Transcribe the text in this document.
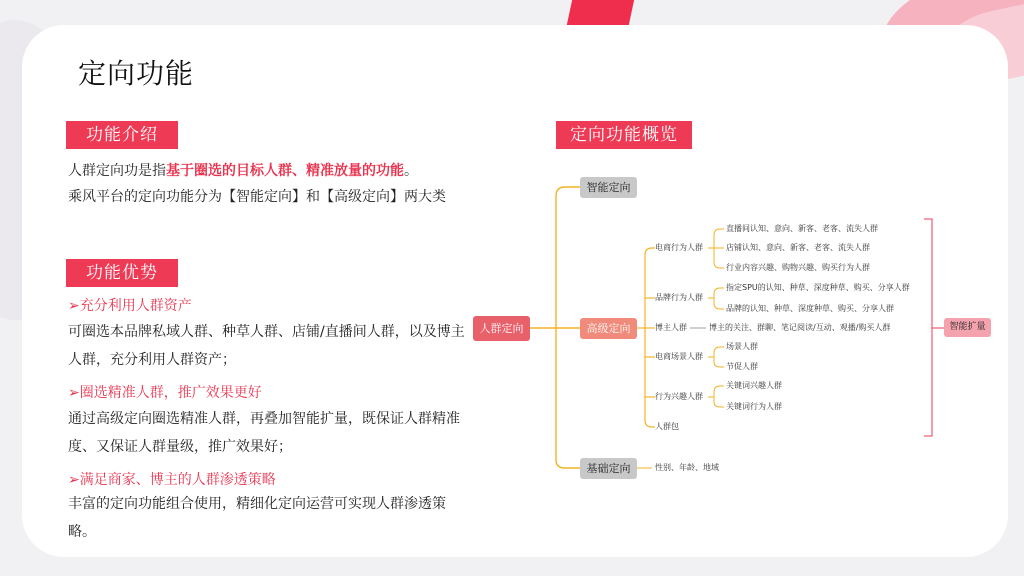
定向功能
功能介绍
人群定向功是指基于圈选的目标人群、精准放量的功能。
乘风平台的定向功能分为【智能定向】和【高级定向】两大类
功能优势
➢充分利用人群资产
可圈选本品牌私域人群、种草人群、店铺/直播间人群，以及博主人群，充分利用人群资产；
➢圈选精准人群，推广效果更好
通过高级定向圈选精准人群，再叠加智能扩量，既保证人群精准度、又保证人群量级，推广效果好；
➢满足商家、博主的人群渗透策略
丰富的定向功能组合使用，精细化定向运营可实现人群渗透策略。
定向功能概览
人群定向
智能定向
高级定向
基础定向
智能扩量
电商行为人群
品牌行为人群
博主人群
电商场景人群
行为兴趣人群
人群包
直播间认知、意向、新客、老客、流失人群
店铺认知、意向、新客、老客、流失人群
行业内容兴趣、购物兴趣、购买行为人群
指定SPU的认知、种草、深度种草、购买、分享人群
品牌的认知、种草、深度种草、购买、分享人群
博主的关注、群聊、笔记阅读/互动、观播/购买人群
场景人群
节促人群
关键词兴趣人群
关键词行为人群
性别、年龄、地域
